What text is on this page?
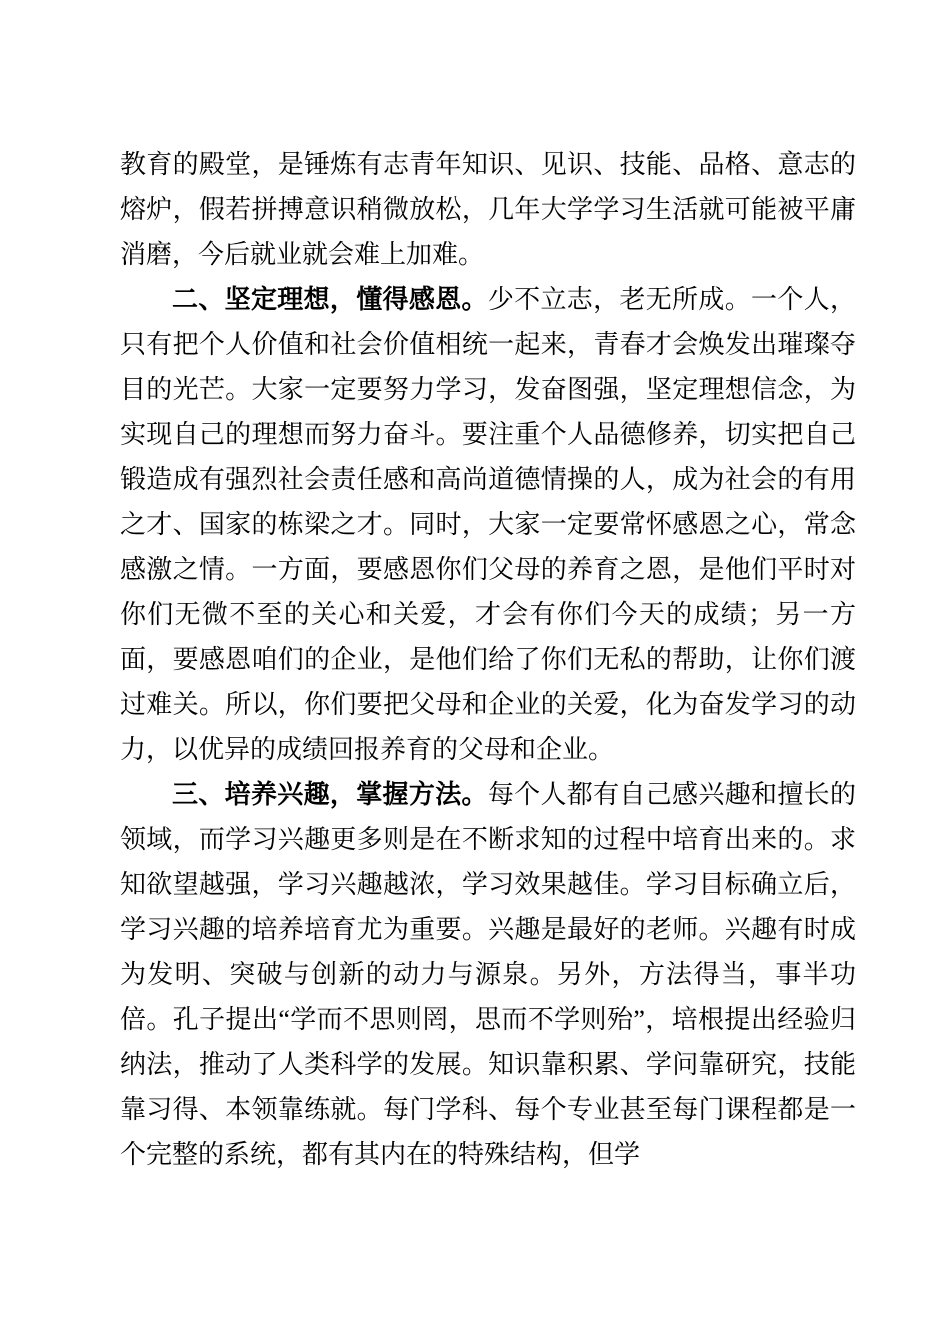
教育的殿堂，是锤炼有志青年知识、见识、技能、品格、意志的熔炉，假若拼搏意识稍微放松，几年大学学习生活就可能被平庸消磨，今后就业就会难上加难。

二、坚定理想，懂得感恩。少不立志，老无所成。一个人，只有把个人价值和社会价值相统一起来，青春才会焕发出璀璨夺目的光芒。大家一定要努力学习，发奋图强，坚定理想信念，为实现自己的理想而努力奋斗。要注重个人品德修养，切实把自己锻造成有强烈社会责任感和高尚道德情操的人，成为社会的有用之才、国家的栋梁之才。同时，大家一定要常怀感恩之心，常念感激之情。一方面，要感恩你们父母的养育之恩，是他们平时对你们无微不至的关心和关爱，才会有你们今天的成绩；另一方面，要感恩咱们的企业，是他们给了你们无私的帮助，让你们渡过难关。所以，你们要把父母和企业的关爱，化为奋发学习的动力，以优异的成绩回报养育的父母和企业。

三、培养兴趣，掌握方法。每个人都有自己感兴趣和擅长的领域，而学习兴趣更多则是在不断求知的过程中培育出来的。求知欲望越强，学习兴趣越浓，学习效果越佳。学习目标确立后，学习兴趣的培养培育尤为重要。兴趣是最好的老师。兴趣有时成为发明、突破与创新的动力与源泉。另外，方法得当，事半功倍。孔子提出“学而不思则罔，思而不学则殆”，培根提出经验归纳法，推动了人类科学的发展。知识靠积累、学问靠研究，技能靠习得、本领靠练就。每门学科、每个专业甚至每门课程都是一个完整的系统，都有其内在的特殊结构，但学
